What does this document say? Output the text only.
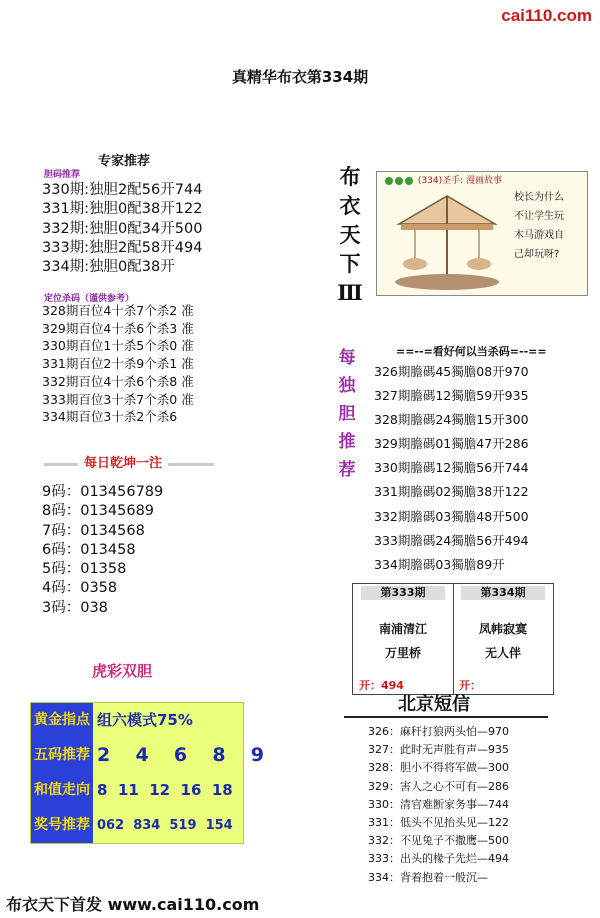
cai110.com
真精华布衣第334期
专家推荐
胆码推荐
330期:独胆2配56开744
331期:独胆0配38开122
332期:独胆0配34开500
333期:独胆2配58开494
334期:独胆0配38开
定位杀码（谨供参考）
328期百位4十杀7个杀2 准
329期百位4十杀6个杀3 准
330期百位1十杀5个杀0 准
331期百位2十杀9个杀1 准
332期百位4十杀6个杀8 准
333期百位3十杀7个杀0 准
334期百位3十杀2个杀6
每日乾坤一注
9码：013456789
8码：01345689
7码：0134568
6码：013458
5码：01358
4码：0358
3码：038
虎彩双胆
黄金指点 组六模式75%
五码推荐 2  4  6  8  9
和值走向 8  11  12  16  18
奖号推荐 062  834  519  154
布衣天下首发 www.cai110.com
布
衣
天
下
Ⅲ
(334)圣手: 漫画故事
校长为什么
不让学生玩
木马游戏自
己却玩呀?
每
独
胆
推
荐
==--=看好何以当杀码=--==
326期膽碼45獨膽08开970
327期膽碼12獨膽59开935
328期膽碼24獨膽15开300
329期膽碼01獨膽47开286
330期膽碼12獨膽56开744
331期膽碼02獨膽38开122
332期膽碼03獨膽48开500
333期膽碼24獨膽56开494
334期膽碼03獨膽89开
第333期
南浦清江
万里桥
开：494
第334期
凤帏寂寞
无人伴
开：
北京短信
326：麻秆打狼两头怕—970
327：此时无声胜有声—935
328：胆小不得将军做—300
329：害人之心不可有—286
330：清官难断家务事—744
331：低头不见抬头见—122
332：不见兔子不撒鹰—500
333：出头的椽子先烂—494
334：背着抱着一般沉—
